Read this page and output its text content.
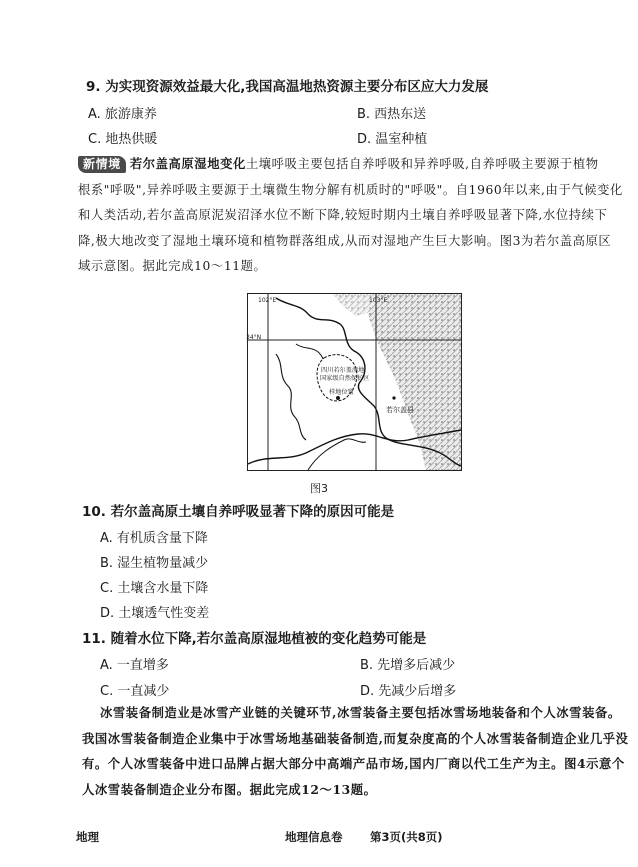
9. 为实现资源效益最大化,我国高温地热资源主要分布区应大力发展
A. 旅游康养	B. 西热东送
C. 地热供暖	D. 温室种植
新情境 若尔盖高原湿地变化土壤呼吸主要包括自养呼吸和异养呼吸,自养呼吸主要源于植物
根系"呼吸",异养呼吸主要源于土壤微生物分解有机质时的"呼吸"。自1960年以来,由于气候变化
和人类活动,若尔盖高原泥炭沼泽水位不断下降,较短时期内土壤自养呼吸显著下降,水位持续下
降,极大地改变了湿地土壤环境和植物群落组成,从而对湿地产生巨大影响。图3为若尔盖高原区
域示意图。据此完成10～11题。
102°E	103°E
34°N
四川若尔盖湿地
国家级自然保护区
样地位置
若尔盖县
图3
10. 若尔盖高原土壤自养呼吸显著下降的原因可能是
A. 有机质含量下降
B. 湿生植物量减少
C. 土壤含水量下降
D. 土壤透气性变差
11. 随着水位下降,若尔盖高原湿地植被的变化趋势可能是
A. 一直增多	B. 先增多后减少
C. 一直减少	D. 先减少后增多
冰雪装备制造业是冰雪产业链的关键环节,冰雪装备主要包括冰雪场地装备和个人冰雪装备。
我国冰雪装备制造企业集中于冰雪场地基础装备制造,而复杂度高的个人冰雪装备制造企业几乎没
有。个人冰雪装备中进口品牌占据大部分中高端产品市场,国内厂商以代工生产为主。图4示意个
人冰雪装备制造企业分布图。据此完成12～13题。
地理	地理信息卷 第3页(共8页)
